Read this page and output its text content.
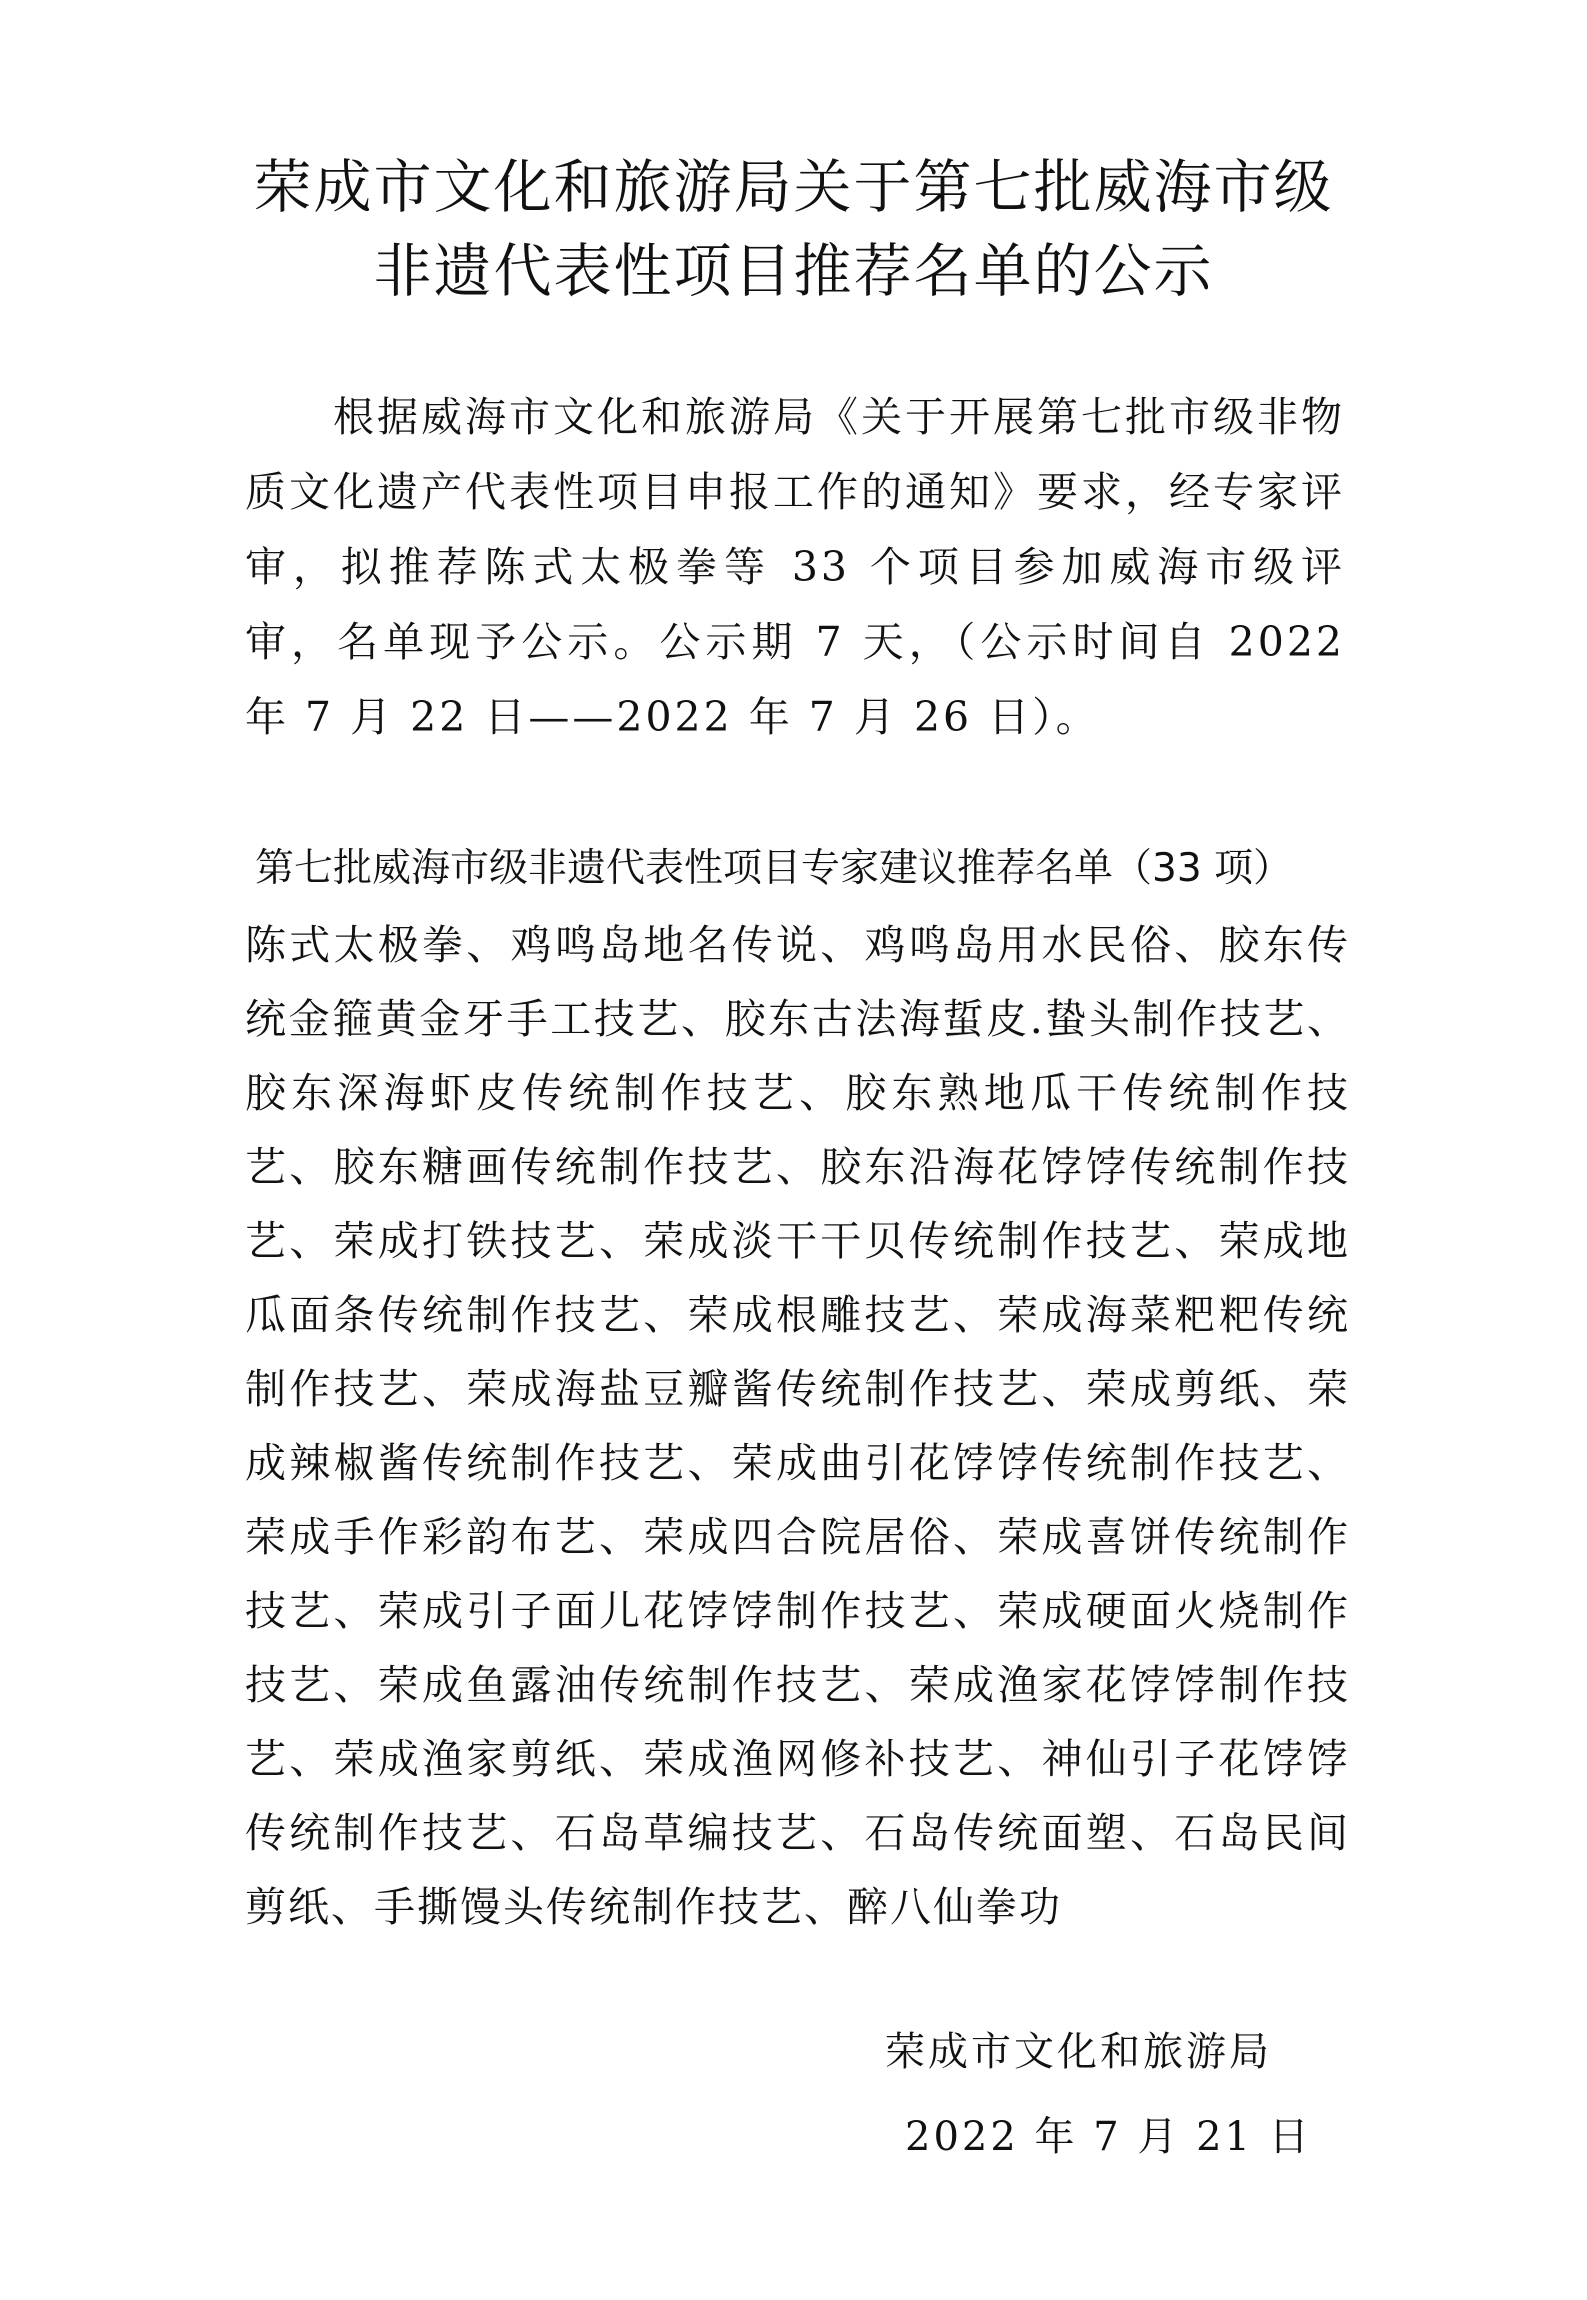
荣成市文化和旅游局关于第七批威海市级
非遗代表性项目推荐名单的公示

根据威海市文化和旅游局《关于开展第七批市级非物质文化遗产代表性项目申报工作的通知》要求，经专家评审，拟推荐陈式太极拳等 33 个项目参加威海市级评审，名单现予公示。公示期 7 天，（公示时间自 2022 年 7 月 22 日——2022 年 7 月 26 日）。

第七批威海市级非遗代表性项目专家建议推荐名单（33 项）

陈式太极拳、鸡鸣岛地名传说、鸡鸣岛用水民俗、胶东传统金箍黄金牙手工技艺、胶东古法海蜇皮.蛰头制作技艺、胶东深海虾皮传统制作技艺、胶东熟地瓜干传统制作技艺、胶东糖画传统制作技艺、胶东沿海花饽饽传统制作技艺、荣成打铁技艺、荣成淡干干贝传统制作技艺、荣成地瓜面条传统制作技艺、荣成根雕技艺、荣成海菜粑粑传统制作技艺、荣成海盐豆瓣酱传统制作技艺、荣成剪纸、荣成辣椒酱传统制作技艺、荣成曲引花饽饽传统制作技艺、荣成手作彩韵布艺、荣成四合院居俗、荣成喜饼传统制作技艺、荣成引子面儿花饽饽制作技艺、荣成硬面火烧制作技艺、荣成鱼露油传统制作技艺、荣成渔家花饽饽制作技艺、荣成渔家剪纸、荣成渔网修补技艺、神仙引子花饽饽传统制作技艺、石岛草编技艺、石岛传统面塑、石岛民间剪纸、手撕馒头传统制作技艺、醉八仙拳功

荣成市文化和旅游局
2022 年 7 月 21 日
